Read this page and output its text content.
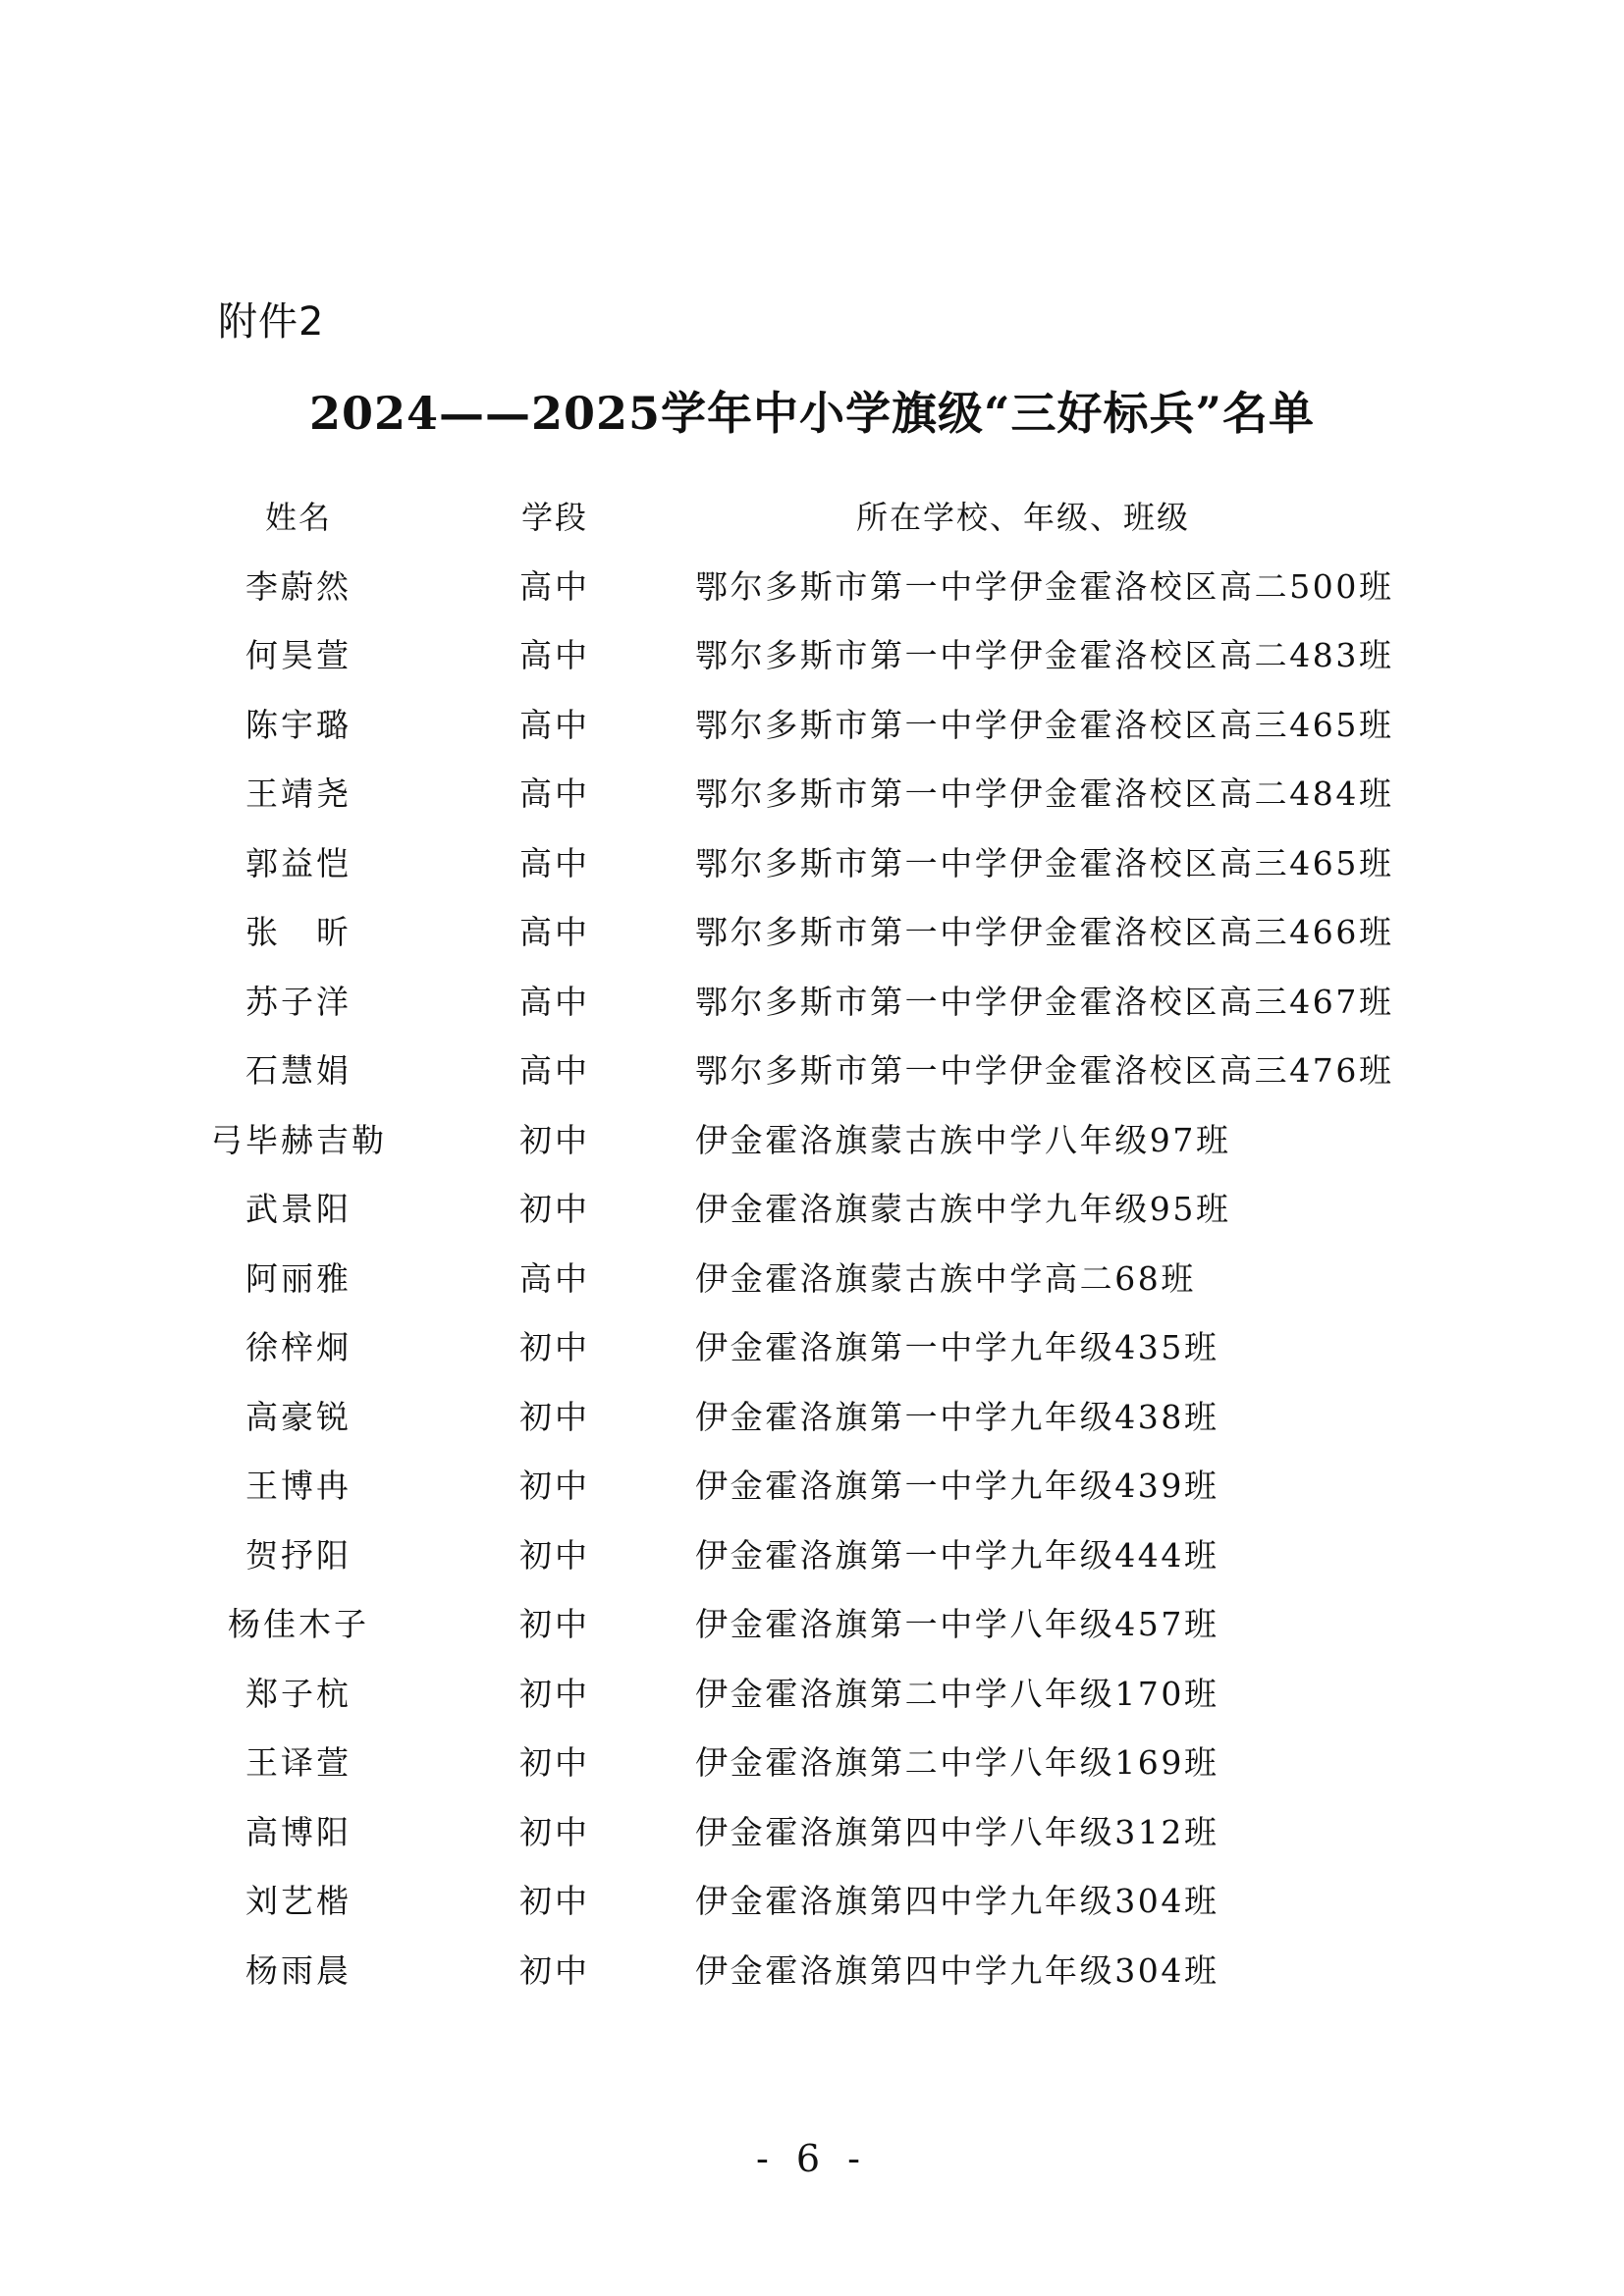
附件2
2024——2025学年中小学旗级“三好标兵”名单
姓名	学段	所在学校、年级、班级
李蔚然	高中	鄂尔多斯市第一中学伊金霍洛校区高二500班
何昊萱	高中	鄂尔多斯市第一中学伊金霍洛校区高二483班
陈宇璐	高中	鄂尔多斯市第一中学伊金霍洛校区高三465班
王靖尧	高中	鄂尔多斯市第一中学伊金霍洛校区高二484班
郭益恺	高中	鄂尔多斯市第一中学伊金霍洛校区高三465班
张　昕	高中	鄂尔多斯市第一中学伊金霍洛校区高三466班
苏子洋	高中	鄂尔多斯市第一中学伊金霍洛校区高三467班
石慧娟	高中	鄂尔多斯市第一中学伊金霍洛校区高三476班
弓毕赫吉勒	初中	伊金霍洛旗蒙古族中学八年级97班
武景阳	初中	伊金霍洛旗蒙古族中学九年级95班
阿丽雅	高中	伊金霍洛旗蒙古族中学高二68班
徐梓炯	初中	伊金霍洛旗第一中学九年级435班
高豪锐	初中	伊金霍洛旗第一中学九年级438班
王博冉	初中	伊金霍洛旗第一中学九年级439班
贺抒阳	初中	伊金霍洛旗第一中学九年级444班
杨佳木子	初中	伊金霍洛旗第一中学八年级457班
郑子杭	初中	伊金霍洛旗第二中学八年级170班
王译萱	初中	伊金霍洛旗第二中学八年级169班
高博阳	初中	伊金霍洛旗第四中学八年级312班
刘艺楷	初中	伊金霍洛旗第四中学九年级304班
杨雨晨	初中	伊金霍洛旗第四中学九年级304班
- 6 -
